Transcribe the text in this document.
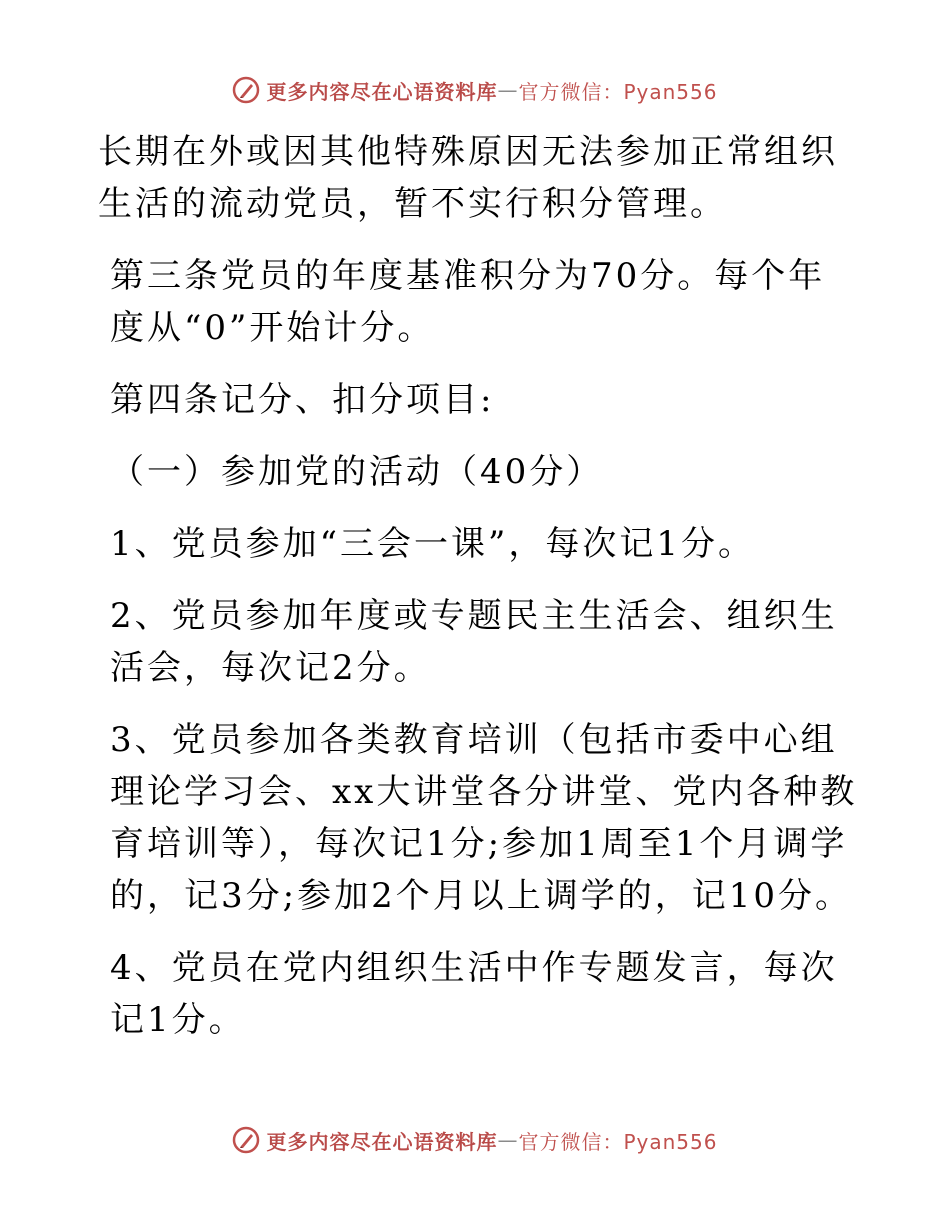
更多内容尽在心语资料库 — 官方微信：Pyan556

长期在外或因其他特殊原因无法参加正常组织生活的流动党员，暂不实行积分管理。

第三条党员的年度基准积分为70分。每个年度从“0”开始计分。

第四条记分、扣分项目:

（一）参加党的活动（40分）

1、党员参加“三会一课”，每次记1分。

2、党员参加年度或专题民主生活会、组织生活会，每次记2分。

3、党员参加各类教育培训（包括市委中心组理论学习会、xx大讲堂各分讲堂、党内各种教育培训等），每次记1分;参加1周至1个月调学的，记3分;参加2个月以上调学的，记10分。

4、党员在党内组织生活中作专题发言，每次记1分。

更多内容尽在心语资料库 — 官方微信：Pyan556
